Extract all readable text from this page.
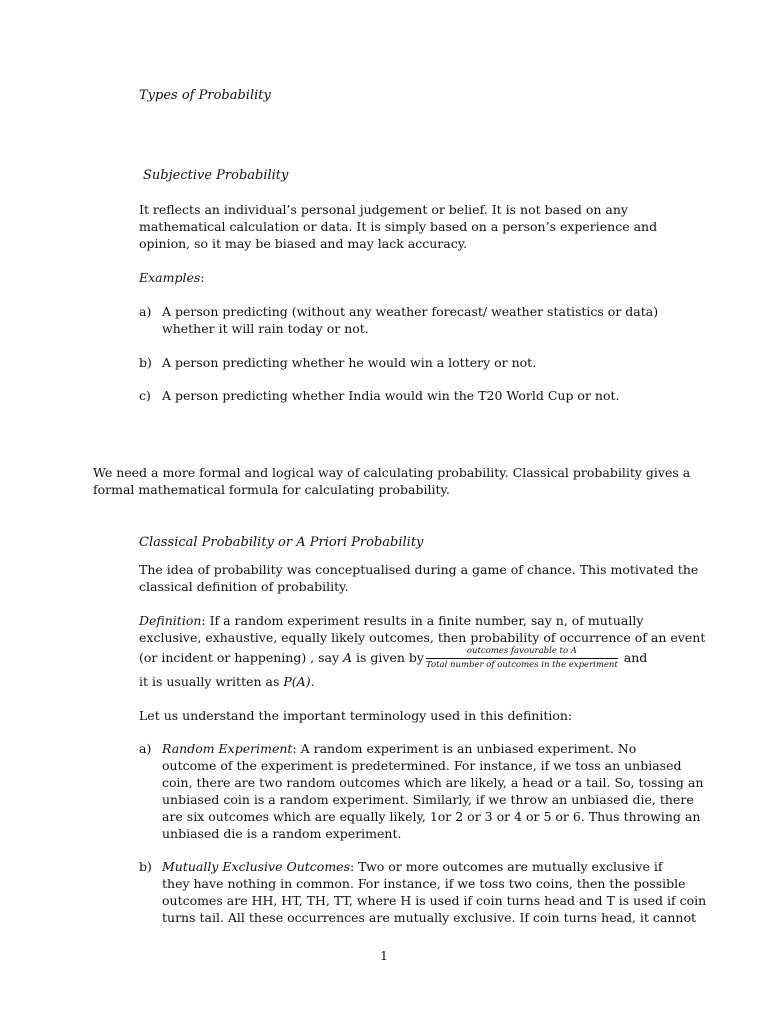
Types of Probability
Subjective Probability
It reflects an individual’s personal judgement or belief. It is not based on any
mathematical calculation or data. It is simply based on a person’s experience and
opinion, so it may be biased and may lack accuracy.
Examples:
a) A person predicting (without any weather forecast/ weather statistics or data)
whether it will rain today or not.
b) A person predicting whether he would win a lottery or not.
c) A person predicting whether India would win the T20 World Cup or not.
We need a more formal and logical way of calculating probability. Classical probability gives a
formal mathematical formula for calculating probability.
Classical Probability or A Priori Probability
The idea of probability was conceptualised during a game of chance. This motivated the
classical definition of probability.
Definition: If a random experiment results in a finite number, say n, of mutually
exclusive, exhaustive, equally likely outcomes, then probability of occurrence of an event
(or incident or happening) , say A is given by $\frac{\text{outcomes favourable to A}}{\text{Total number of outcomes in the experiment}}$ and
it is usually written as P(A).
Let us understand the important terminology used in this definition:
a) Random Experiment: A random experiment is an unbiased experiment. No
outcome of the experiment is predetermined. For instance, if we toss an unbiased
coin, there are two random outcomes which are likely, a head or a tail. So, tossing an
unbiased coin is a random experiment. Similarly, if we throw an unbiased die, there
are six outcomes which are equally likely, 1or 2 or 3 or 4 or 5 or 6. Thus throwing an
unbiased die is a random experiment.
b) Mutually Exclusive Outcomes: Two or more outcomes are mutually exclusive if
they have nothing in common. For instance, if we toss two coins, then the possible
outcomes are HH, HT, TH, TT, where H is used if coin turns head and T is used if coin
turns tail. All these occurrences are mutually exclusive. If coin turns head, it cannot
1
